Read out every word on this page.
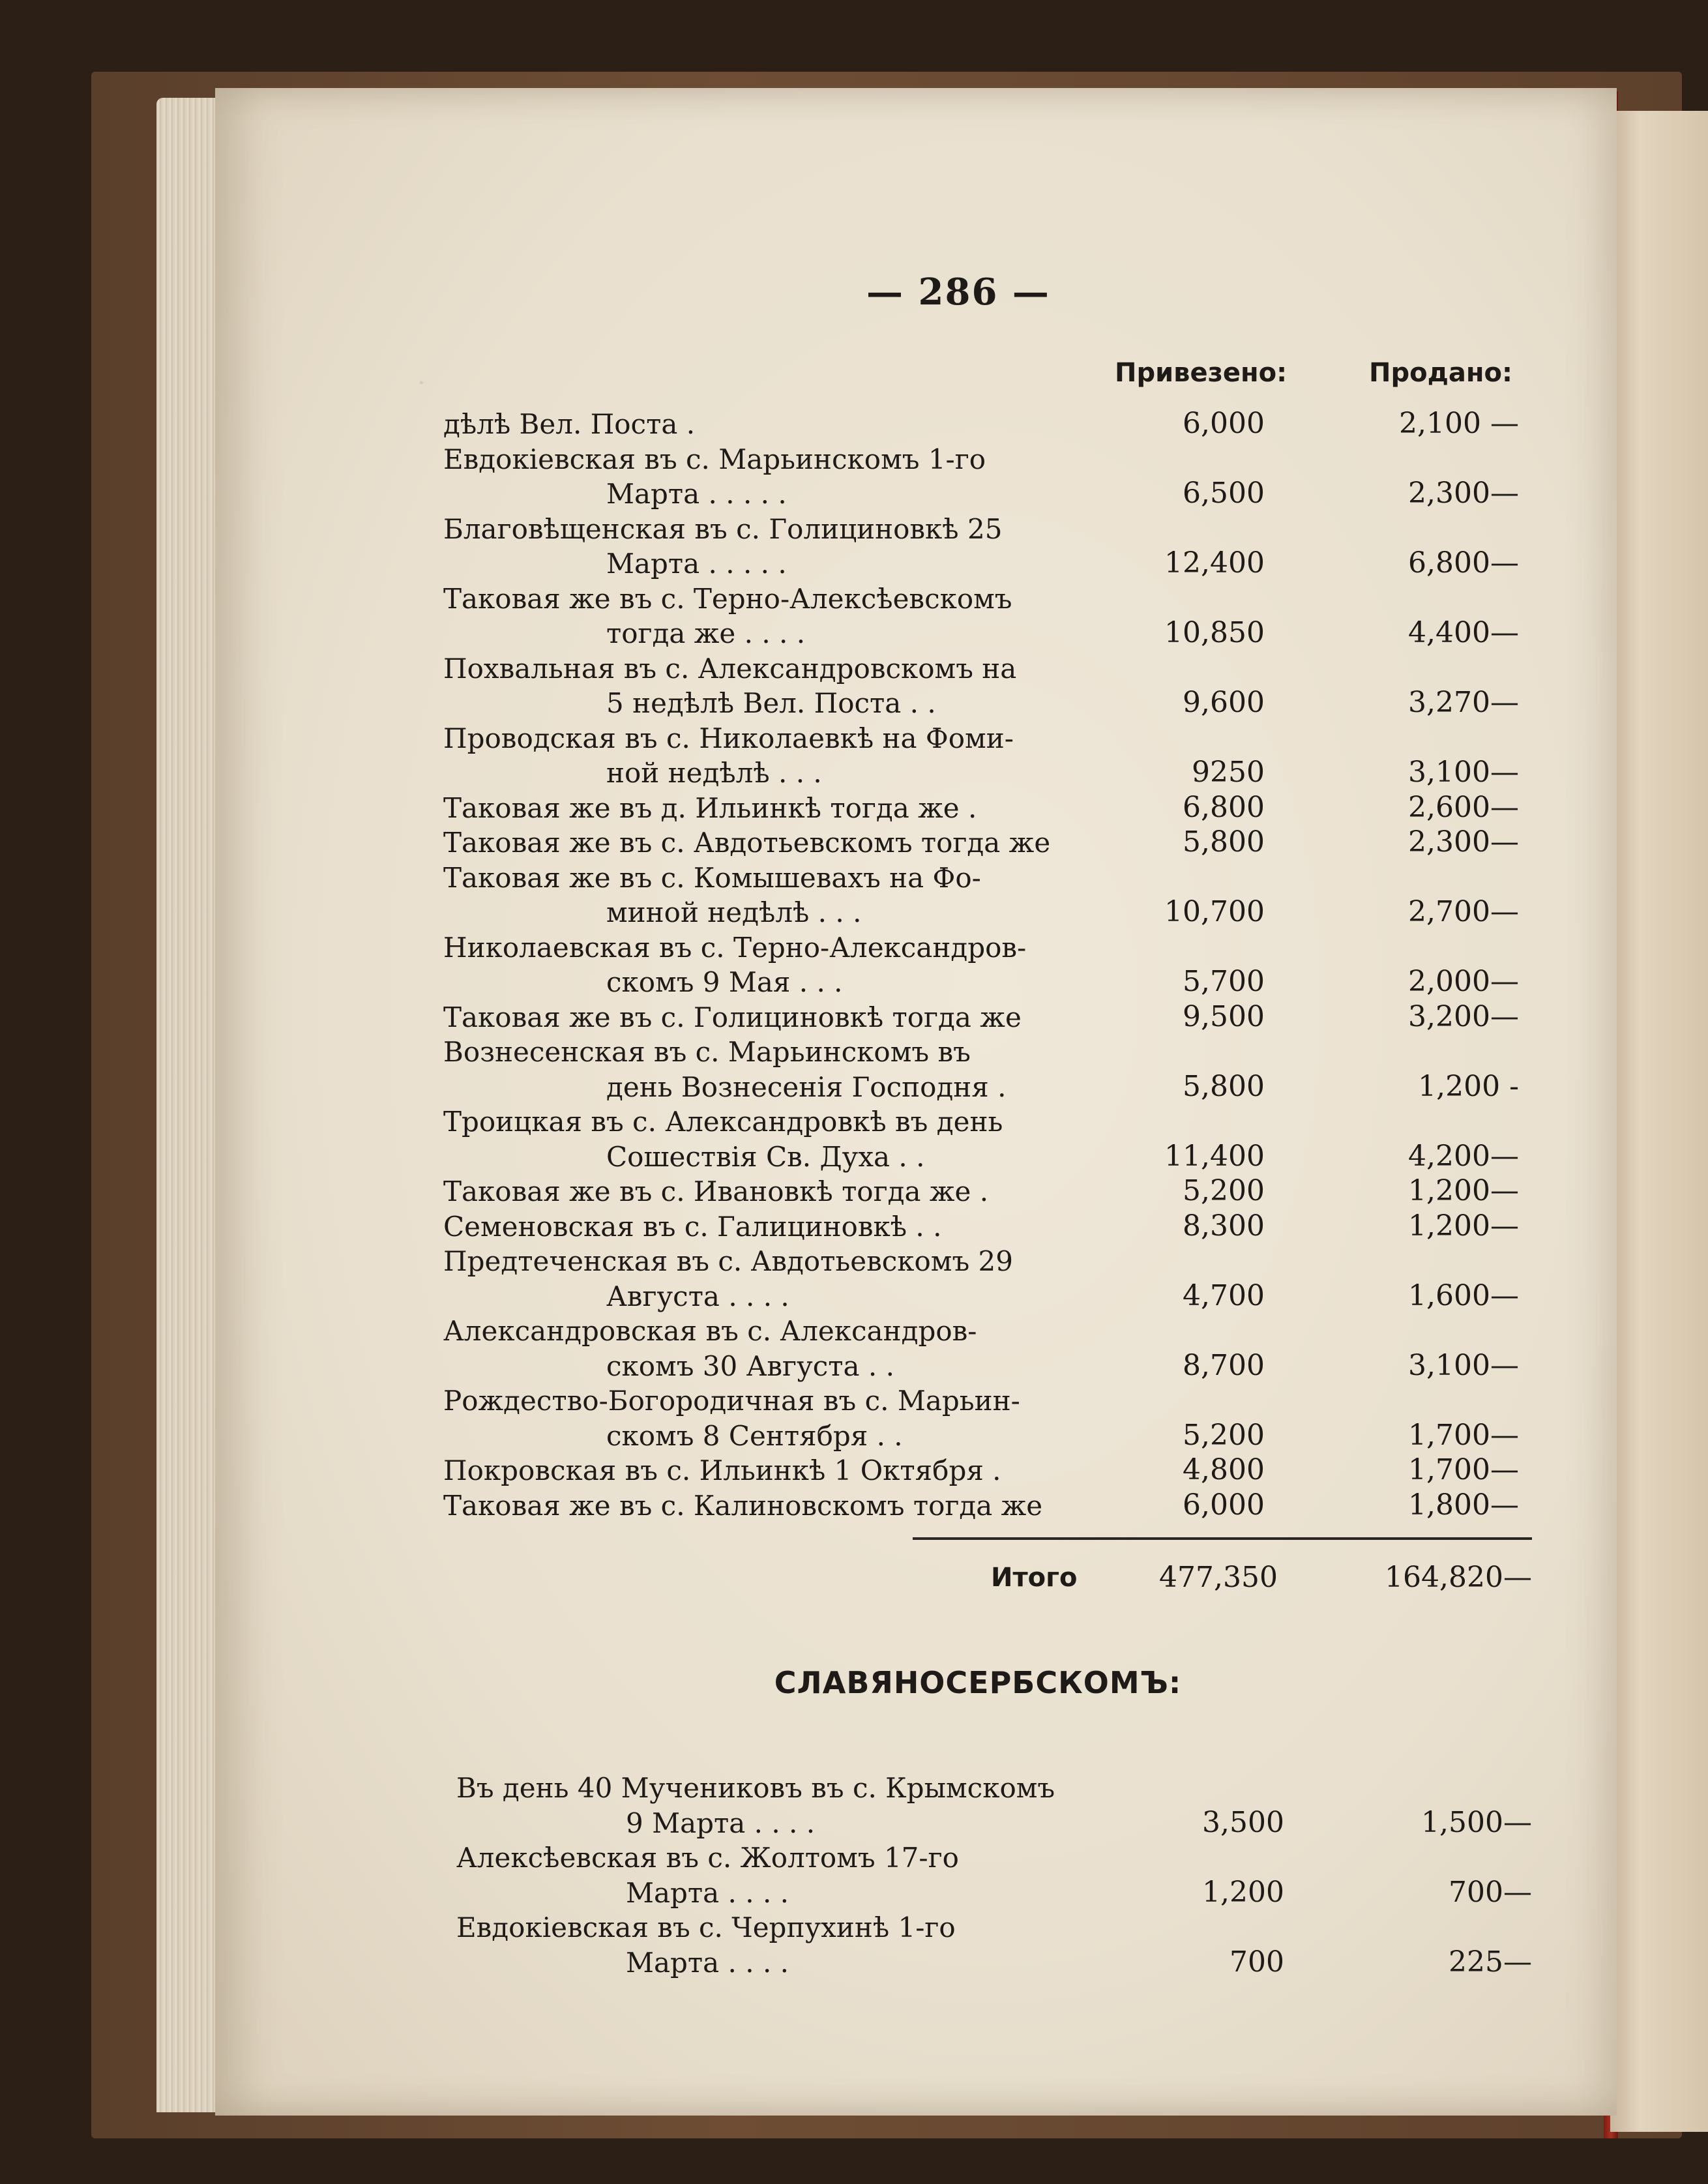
— 286 —
Привезено:	Продано:
дѣлѣ Вел. Поста .	6,000	2,100 —
Евдокіевская въ с. Марьинскомъ 1-го
Марта . . . . .	6,500	2,300—
Благовѣщенская въ с. Голициновкѣ 25
Марта . . . . .	12,400	6,800—
Таковая же въ с. Терно-Алексѣевскомъ
тогда же . . . .	10,850	4,400—
Похвальная въ с. Александровскомъ на
5 недѣлѣ Вел. Поста . .	9,600	3,270—
Проводская въ с. Николаевкѣ на Фоми-
ной недѣлѣ . . .	9250	3,100—
Таковая же въ д. Ильинкѣ тогда же .	6,800	2,600—
Таковая же въ с. Авдотьевскомъ тогда же	5,800	2,300—
Таковая же въ с. Комышевахъ на Фо-
миной недѣлѣ . . .	10,700	2,700—
Николаевская въ с. Терно-Александров-
скомъ 9 Мая . . .	5,700	2,000—
Таковая же въ с. Голициновкѣ тогда же	9,500	3,200—
Вознесенская въ с. Марьинскомъ въ
день Вознесенія Господня .	5,800	1,200 -
Троицкая въ с. Александровкѣ въ день
Сошествія Св. Духа . .	11,400	4,200—
Таковая же въ с. Ивановкѣ тогда же .	5,200	1,200—
Семеновская въ с. Галициновкѣ . .	8,300	1,200—
Предтеченская въ с. Авдотьевскомъ 29
Августа . . . .	4,700	1,600—
Александровская въ с. Александров-
скомъ 30 Августа . .	8,700	3,100—
Рождество-Богородичная въ с. Марьин-
скомъ 8 Сентября . .	5,200	1,700—
Покровская въ с. Ильинкѣ 1 Октября .	4,800	1,700—
Таковая же въ с. Калиновскомъ тогда же	6,000	1,800—
Итого	477,350	164,820—
СЛАВЯНОСЕРБСКОМЪ:
Въ день 40 Мучениковъ въ с. Крымскомъ
9 Марта . . . .	3,500	1,500—
Алексѣевская въ с. Жолтомъ 17-го
Марта . . . .	1,200	700—
Евдокіевская въ с. Черпухинѣ 1-го
Марта . . . .	700	225—
·
